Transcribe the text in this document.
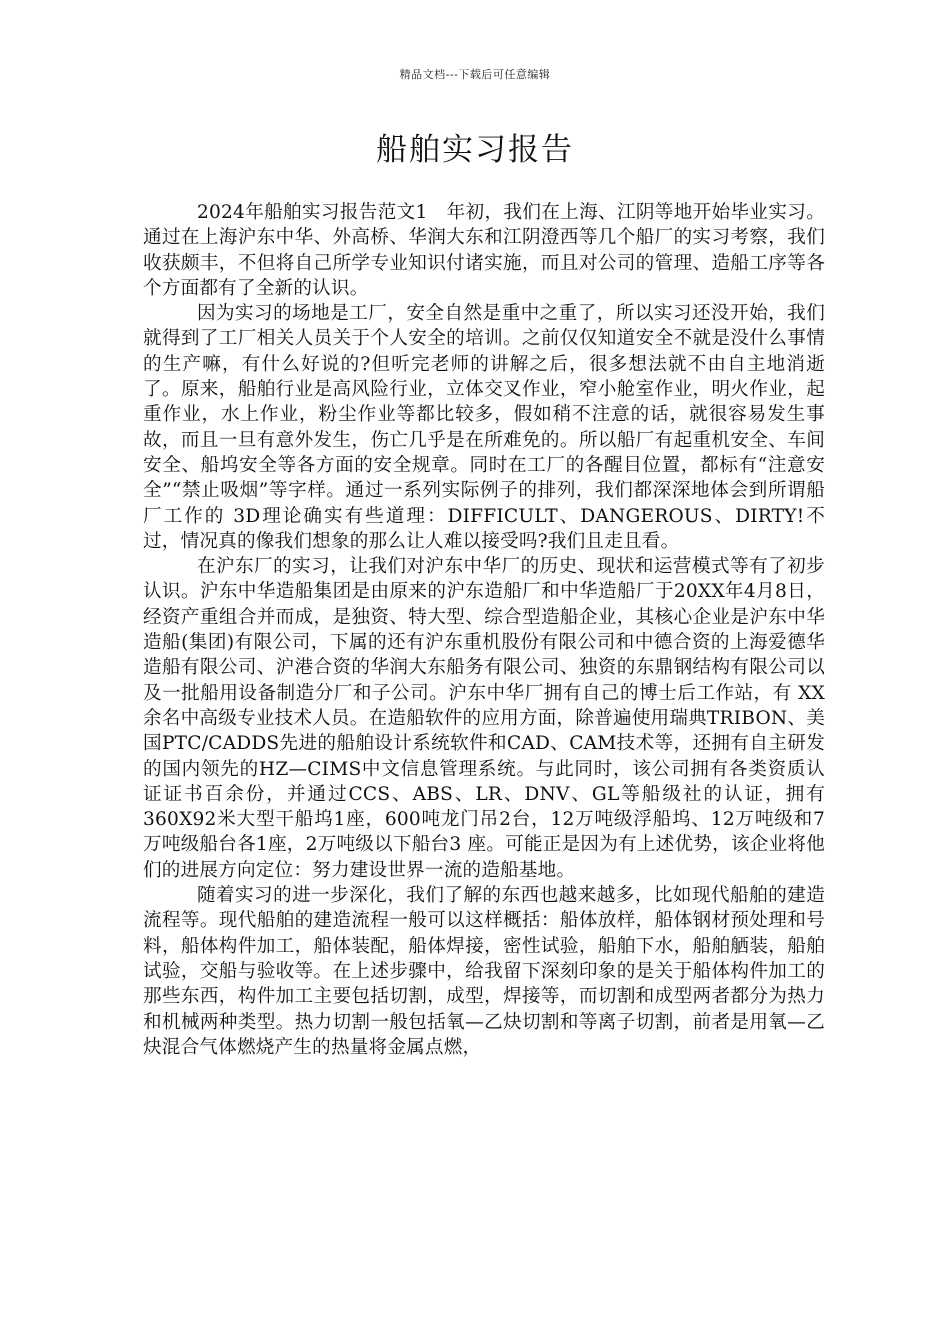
精品文档---下载后可任意编辑
船舶实习报告

2024年船舶实习报告范文1　年初，我们在上海、江阴等地开始毕业实习。通过在上海沪东中华、外高桥、华润大东和江阴澄西等几个船厂的实习考察，我们收获颇丰，不但将自己所学专业知识付诸实施，而且对公司的管理、造船工序等各个方面都有了全新的认识。

因为实习的场地是工厂，安全自然是重中之重了，所以实习还没开始，我们就得到了工厂相关人员关于个人安全的培训。之前仅仅知道安全不就是没什么事情的生产嘛，有什么好说的?但听完老师的讲解之后，很多想法就不由自主地消逝了。原来，船舶行业是高风险行业，立体交叉作业，窄小舱室作业，明火作业，起重作业，水上作业，粉尘作业等都比较多，假如稍不注意的话，就很容易发生事故，而且一旦有意外发生，伤亡几乎是在所难免的。所以船厂有起重机安全、车间安全、船坞安全等各方面的安全规章。同时在工厂的各醒目位置，都标有“注意安全”“禁止吸烟”等字样。通过一系列实际例子的排列，我们都深深地体会到所谓船厂工作的 3D理论确实有些道理：DIFFICULT、DANGEROUS、DIRTY!不过，情况真的像我们想象的那么让人难以接受吗?我们且走且看。

在沪东厂的实习，让我们对沪东中华厂的历史、现状和运营模式等有了初步认识。沪东中华造船集团是由原来的沪东造船厂和中华造船厂于20XX年4月8日，经资产重组合并而成，是独资、特大型、综合型造船企业，其核心企业是沪东中华造船(集团)有限公司，下属的还有沪东重机股份有限公司和中德合资的上海爱德华造船有限公司、沪港合资的华润大东船务有限公司、独资的东鼎钢结构有限公司以及一批船用设备制造分厂和子公司。沪东中华厂拥有自己的博士后工作站，有 XX余名中高级专业技术人员。在造船软件的应用方面，除普遍使用瑞典TRIBON、美国PTC/CADDS先进的船舶设计系统软件和CAD、CAM技术等，还拥有自主研发的国内领先的HZ—CIMS中文信息管理系统。与此同时，该公司拥有各类资质认证证书百余份，并通过CCS、ABS、LR、DNV、GL等船级社的认证，拥有360X92米大型干船坞1座，600吨龙门吊2台，12万吨级浮船坞、12万吨级和7万吨级船台各1座，2万吨级以下船台3 座。可能正是因为有上述优势，该企业将他们的进展方向定位：努力建设世界一流的造船基地。

随着实习的进一步深化，我们了解的东西也越来越多，比如现代船舶的建造流程等。现代船舶的建造流程一般可以这样概括：船体放样，船体钢材预处理和号料，船体构件加工，船体装配，船体焊接，密性试验，船舶下水，船舶舾装，船舶试验，交船与验收等。在上述步骤中，给我留下深刻印象的是关于船体构件加工的那些东西，构件加工主要包括切割，成型，焊接等，而切割和成型两者都分为热力和机械两种类型。热力切割一般包括氧—乙炔切割和等离子切割，前者是用氧—乙炔混合气体燃烧产生的热量将金属点燃，
